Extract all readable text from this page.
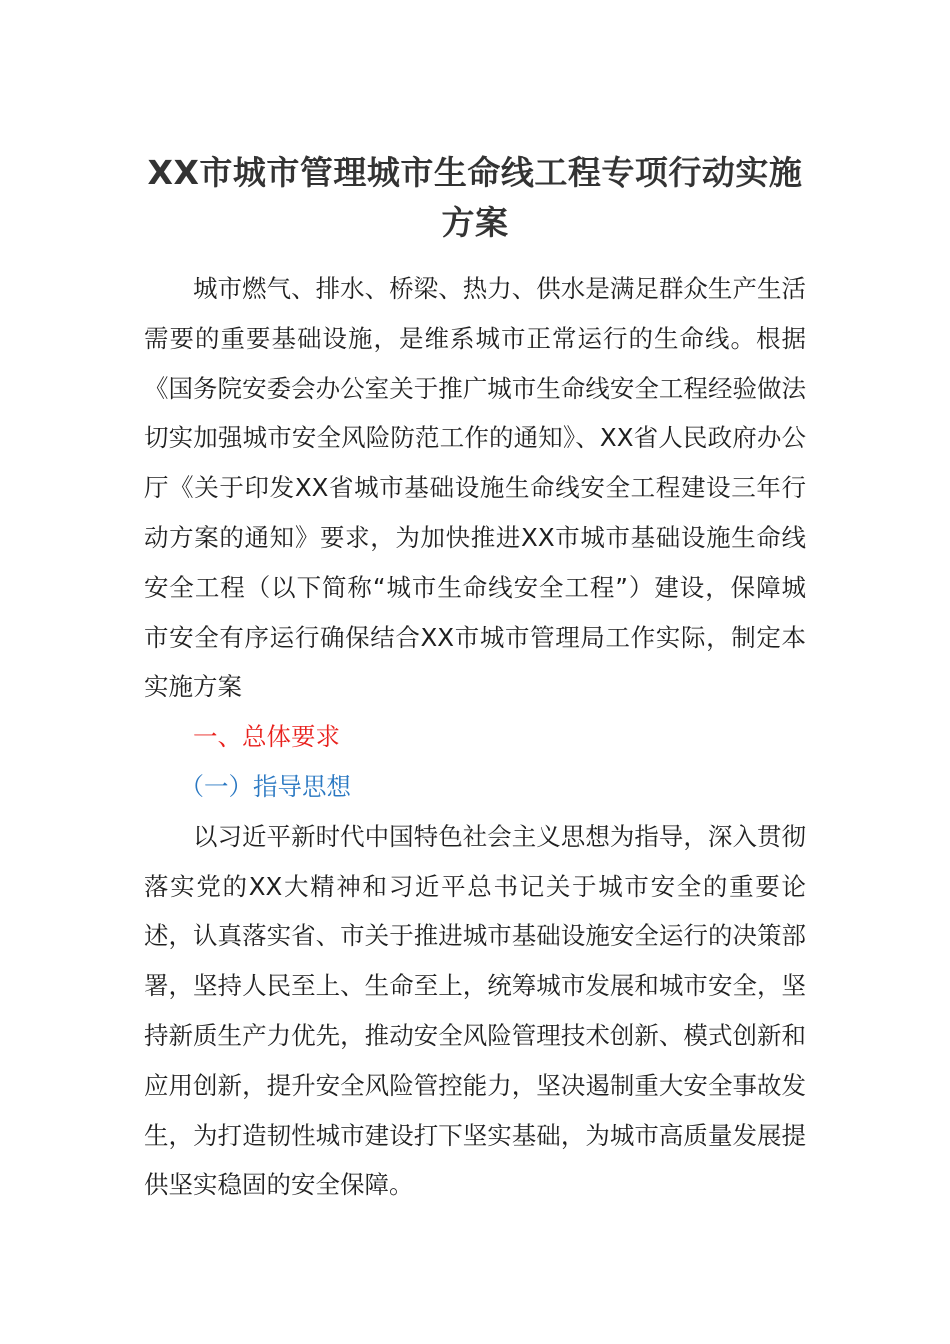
XX市城市管理城市生命线工程专项行动实施方案

城市燃气、排水、桥梁、热力、供水是满足群众生产生活需要的重要基础设施，是维系城市正常运行的生命线。根据《国务院安委会办公室关于推广城市生命线安全工程经验做法切实加强城市安全风险防范工作的通知》、XX省人民政府办公厅《关于印发XX省城市基础设施生命线安全工程建设三年行动方案的通知》要求，为加快推进XX市城市基础设施生命线安全工程（以下简称“城市生命线安全工程”）建设，保障城市安全有序运行确保结合XX市城市管理局工作实际，制定本实施方案

一、总体要求

（一）指导思想

以习近平新时代中国特色社会主义思想为指导，深入贯彻落实党的XX大精神和习近平总书记关于城市安全的重要论述，认真落实省、市关于推进城市基础设施安全运行的决策部署，坚持人民至上、生命至上，统筹城市发展和城市安全，坚持新质生产力优先，推动安全风险管理技术创新、模式创新和应用创新，提升安全风险管控能力，坚决遏制重大安全事故发生，为打造韧性城市建设打下坚实基础，为城市高质量发展提供坚实稳固的安全保障。
